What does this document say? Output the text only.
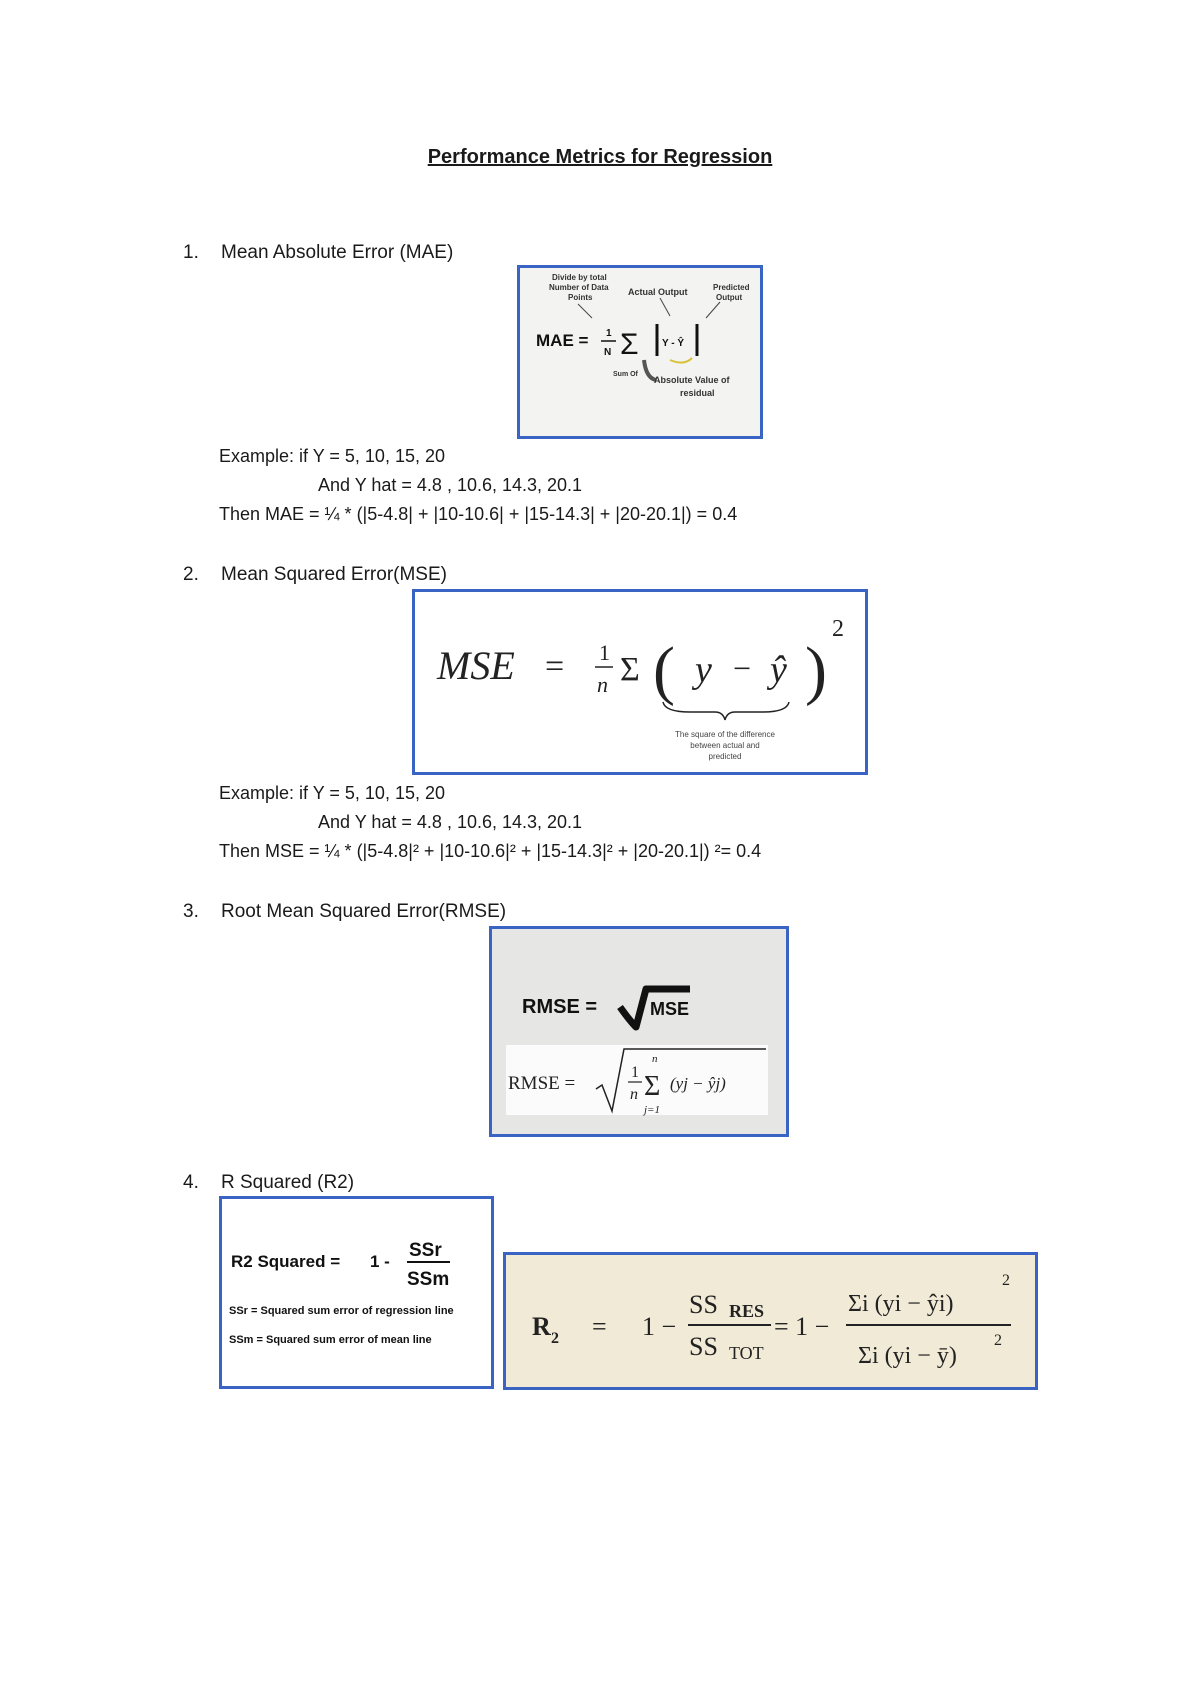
Performance Metrics for Regression
1. Mean Absolute Error (MAE)
Divide by total
Number of Data
Points
Actual Output	Predicted
Output
MAE = 1
N Σ Y - Ŷ
Sum Of
Absolute Value of
residual
Example: if Y = 5, 10, 15, 20
And Y hat = 4.8 , 10.6, 14.3, 20.1
Then MAE = ¼ * (|5-4.8| + |10-10.6| + |15-14.3| + |20-20.1|) = 0.4
2. Mean Squared Error(MSE)
MSE = 1
n Σ ( y − ŷ )
2
The square of the difference
between actual and
predicted
Example: if Y = 5, 10, 15, 20
And Y hat = 4.8 , 10.6, 14.3, 20.1
Then MSE = ¼ * (|5-4.8|² + |10-10.6|² + |15-14.3|² + |20-20.1|) ²= 0.4
3. Root Mean Squared Error(RMSE)
RMSE =	MSE
RMSE =
1
n
n
Σ
j=1
(yj − ŷj)
4. R Squared (R2)
R2 Squared = 1 -
SSr
SSm
SSr = Squared sum error of regression line
SSm = Squared sum error of mean line	R 2 = 1 −
SS RES
SS TOT
= 1 −
Σi (yi − ŷi)
2
Σi (yi − ȳ)
2
